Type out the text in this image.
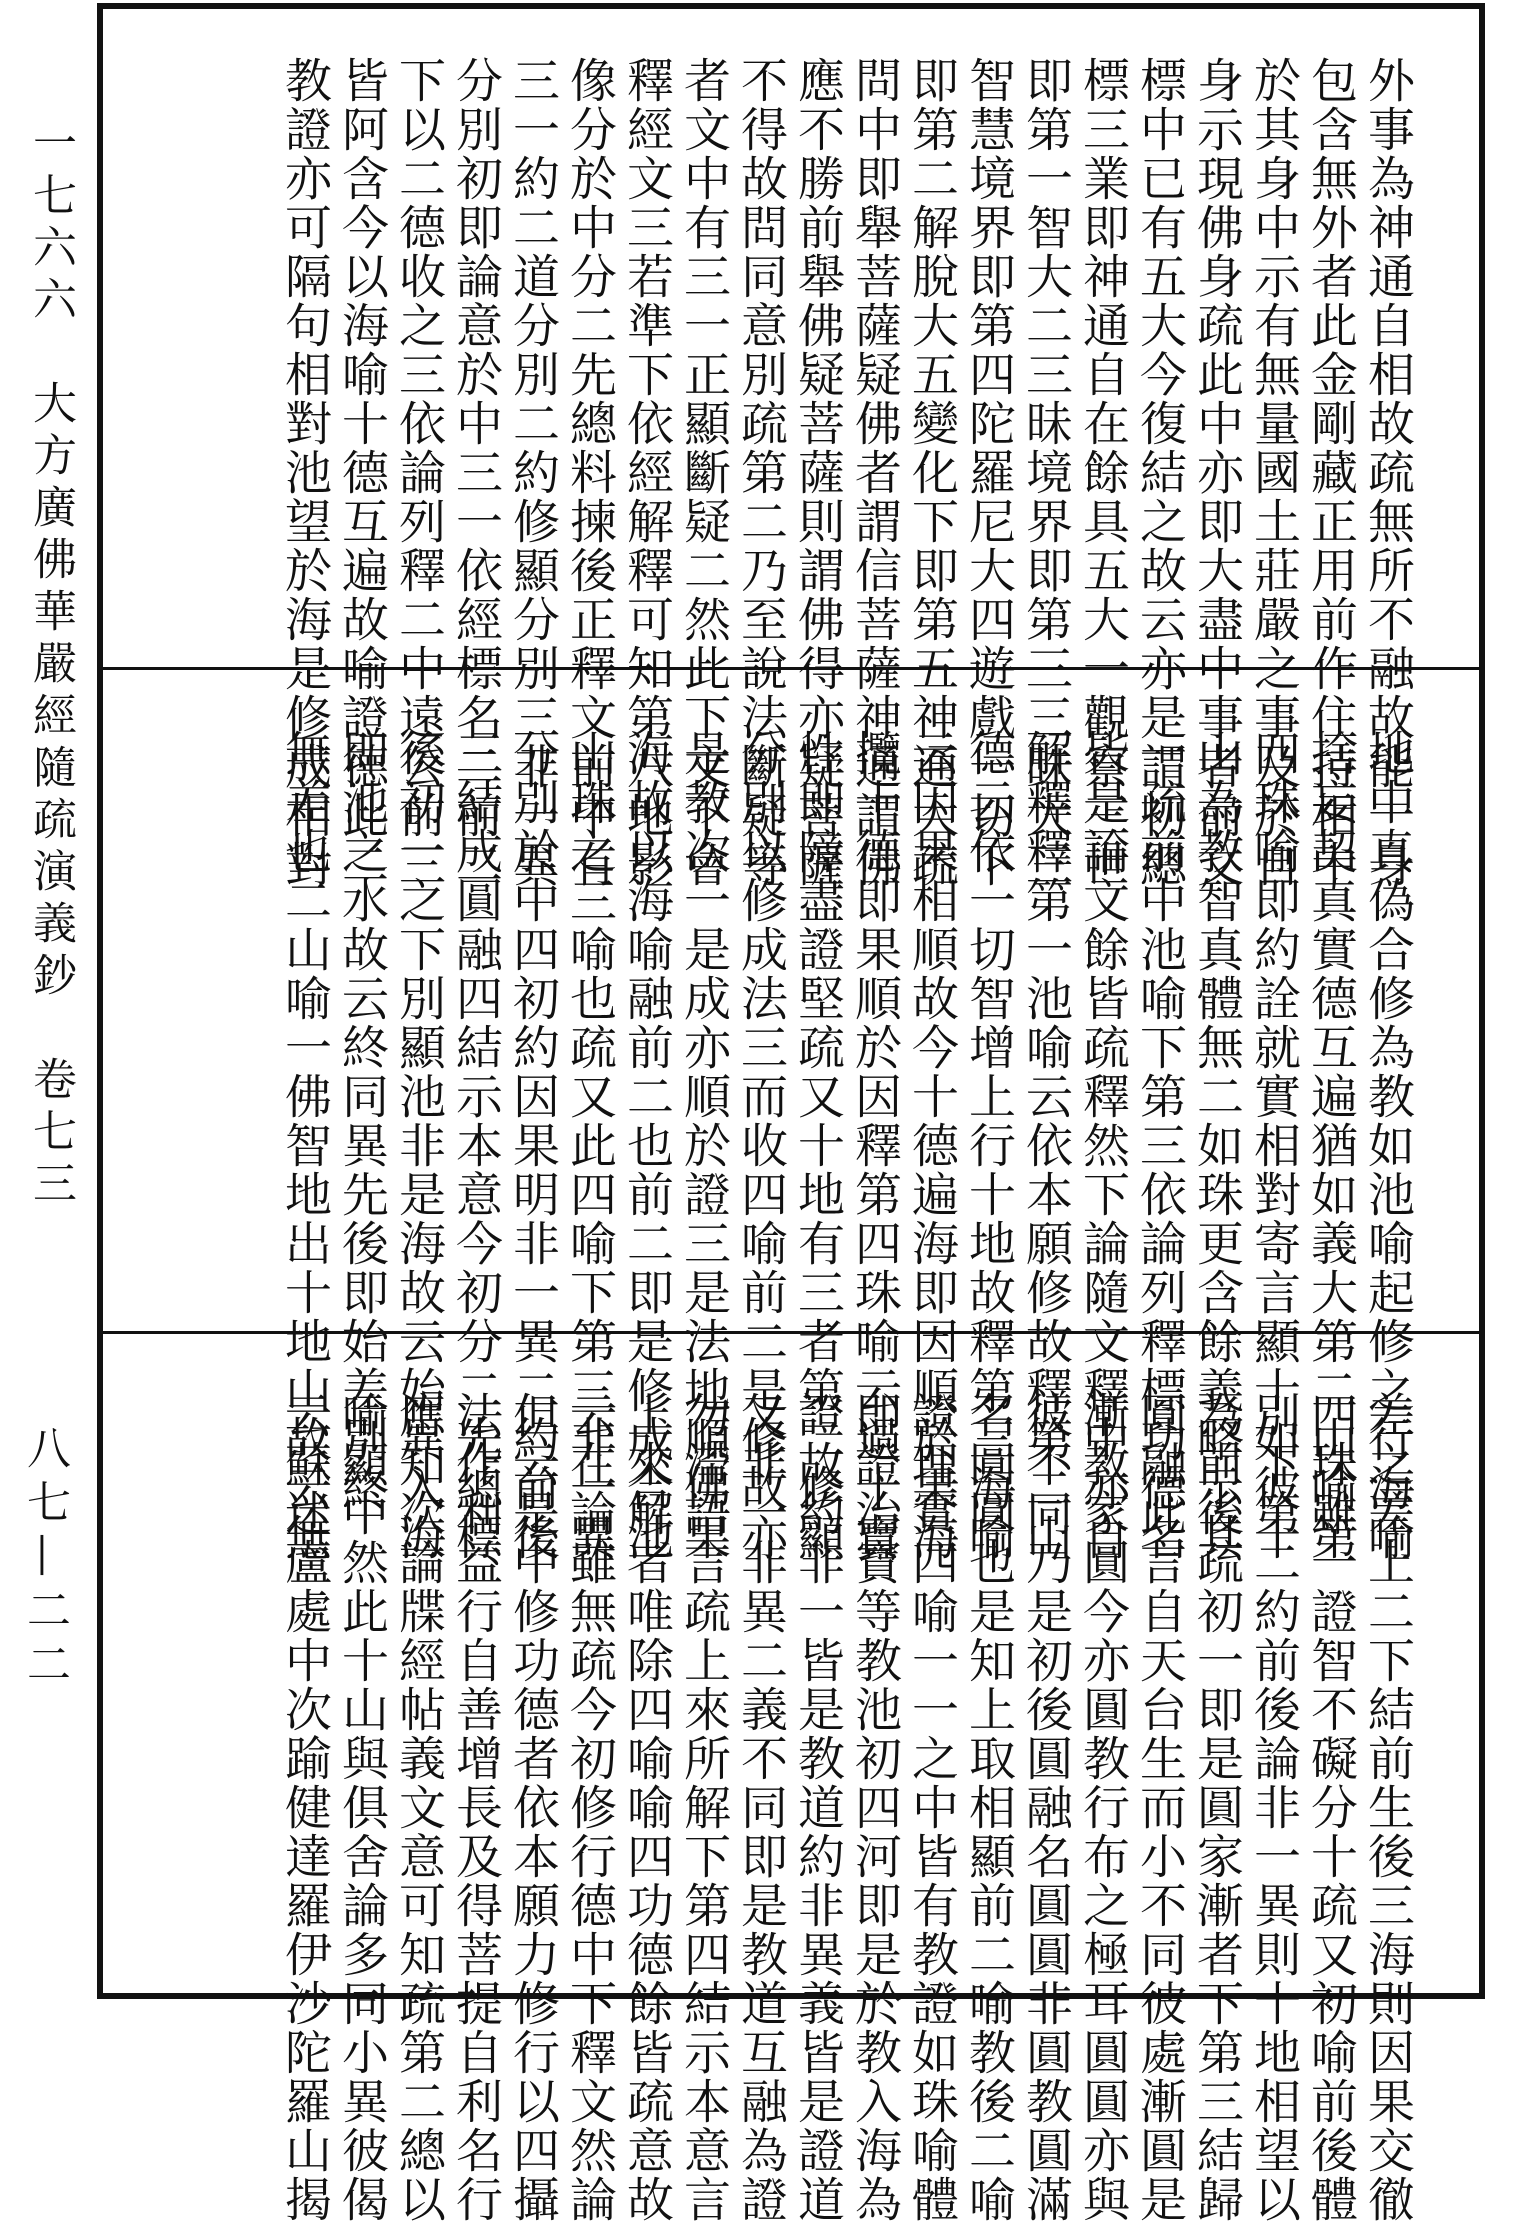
一七六六　大方廣佛華嚴經隨疏演義鈔　卷七三
八七—二二
外事為神通自相故疏無所不融故能一身
包含無外者此金剛藏正用前作住持相中
於其身中示有無量國土莊嚴之事及於自
身示現佛身疏此中亦即大盡中事者前文
標中已有五大今復結之故云亦是謂初總
標三業即神通自在餘具五大一觀察三世
即第一智大二三昧境界即第三三昧大三
智慧境界即第四陀羅尼大四遊戲一切下
即第二解脫大五變化下即第五神通大疏
問中即舉菩薩疑佛者謂信菩薩神通謂佛
應不勝前舉佛疑菩薩則謂佛得亦疑菩薩
不得故問同意別疏第二乃至說法斷疑等
者文中有三一正顯斷疑二然此下文下會
釋經文三若準下依經解釋可知第八地影
像分於中分二先總料揀後正釋文前中有
三一約二道分別二約修顯分別三非一異
分別初即論意於中三一依經標名二前二
下以二德收之三依論列釋二中遠公前三
皆阿含今以海喻十德互遍故喻證德此二
教證亦可隔句相對池望於海是修成相對
地中真偽合修為教如池喻起修之行海喻
捨妄契真實德互遍猶如義大第二山喻第
四珠喻即約詮就實相對寄言顯十如彼十
山為教智真體無二如珠更含餘義略示其
一疏前中池喻下第三依論列釋標功德名
皆是論文餘皆疏釋然下論隨文釋中亦自
解釋釋第一池喻云依本願修故釋第二山
德云依一切智增上行十地故釋第三海喻
云因果相順故今十德遍海即因順於果海
攬十德即果順於因釋第四珠喻云過十寶
性即障盡證堅疏又十地有三者第二修顯
分別以修成法三而收四喻前二是修故亦
是教次一是成亦順於證三是法地順佛果
海故以海喻融前二也前二即是修成合池
山珠之三喻也疏又此四喻下第三非一異
分別於中四初約因果明非一異二約前後
三結成圓融四結示本意今初分二先總標
後初一之下別顯池非是海故云始異入海
即池之水故云終同異先後即始差別終
無差也二山喻一佛智地出十地山故云無
差之差上二下結前生後三海則因果交徹
四珠雖一證智不礙分十疏又初喻前後體
別下第二約前後論非一異則十地相望以
為前後疏初一即是圓家漸者下第三結歸
圓融此言自天台生而小不同彼處漸圓是
漸教家圓今亦圓教行布之極耳圓圓亦與
彼不同乃是初後圓融名圓圓非圓教圓滿
名圓圓也是知上取相顯前二喻教後二喻
證理實四喻一一之中皆有教證如珠喻體
即證治寶等教池初四河即是於教入海為
證故約非一皆是教道約非異義皆是證道
又非一非異二義不同即是教道互融為證
勿滯語言疏上來所解下第四結示本意言
上來解者唯除四喻喻四功德餘皆疏意故
云在論雖無疏今初修行德中下釋文然論
但云是中修功德者依本願力修行以四攝
法作利益行自善增長及得菩提自利名行
應知次論牒經帖義文意可知疏第二總以
喻顯中然此十山與俱舍論多同小異彼偈
云蘇迷盧處中次踰健達羅伊沙陀羅山揭
